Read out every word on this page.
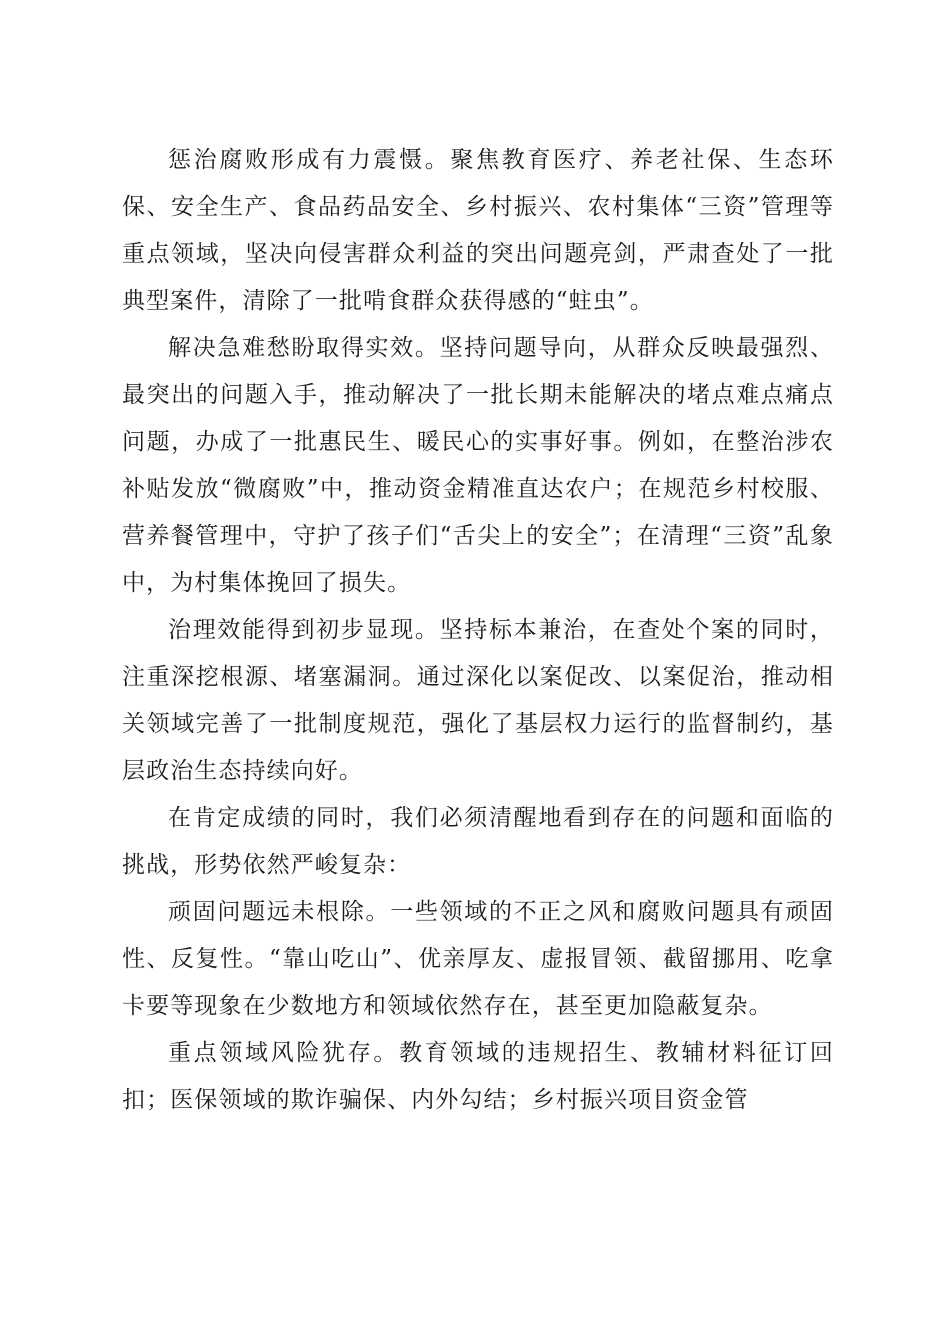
惩治腐败形成有力震慑。聚焦教育医疗、养老社保、生态环保、安全生产、食品药品安全、乡村振兴、农村集体“三资”管理等重点领域，坚决向侵害群众利益的突出问题亮剑，严肃查处了一批典型案件，清除了一批啃食群众获得感的“蛀虫”。

解决急难愁盼取得实效。坚持问题导向，从群众反映最强烈、最突出的问题入手，推动解决了一批长期未能解决的堵点难点痛点问题，办成了一批惠民生、暖民心的实事好事。例如，在整治涉农补贴发放“微腐败”中，推动资金精准直达农户；在规范乡村校服、营养餐管理中，守护了孩子们“舌尖上的安全”；在清理“三资”乱象中，为村集体挽回了损失。

治理效能得到初步显现。坚持标本兼治，在查处个案的同时，注重深挖根源、堵塞漏洞。通过深化以案促改、以案促治，推动相关领域完善了一批制度规范，强化了基层权力运行的监督制约，基层政治生态持续向好。

在肯定成绩的同时，我们必须清醒地看到存在的问题和面临的挑战，形势依然严峻复杂：

顽固问题远未根除。一些领域的不正之风和腐败问题具有顽固性、反复性。“靠山吃山”、优亲厚友、虚报冒领、截留挪用、吃拿卡要等现象在少数地方和领域依然存在，甚至更加隐蔽复杂。

重点领域风险犹存。教育领域的违规招生、教辅材料征订回扣；医保领域的欺诈骗保、内外勾结；乡村振兴项目资金管
